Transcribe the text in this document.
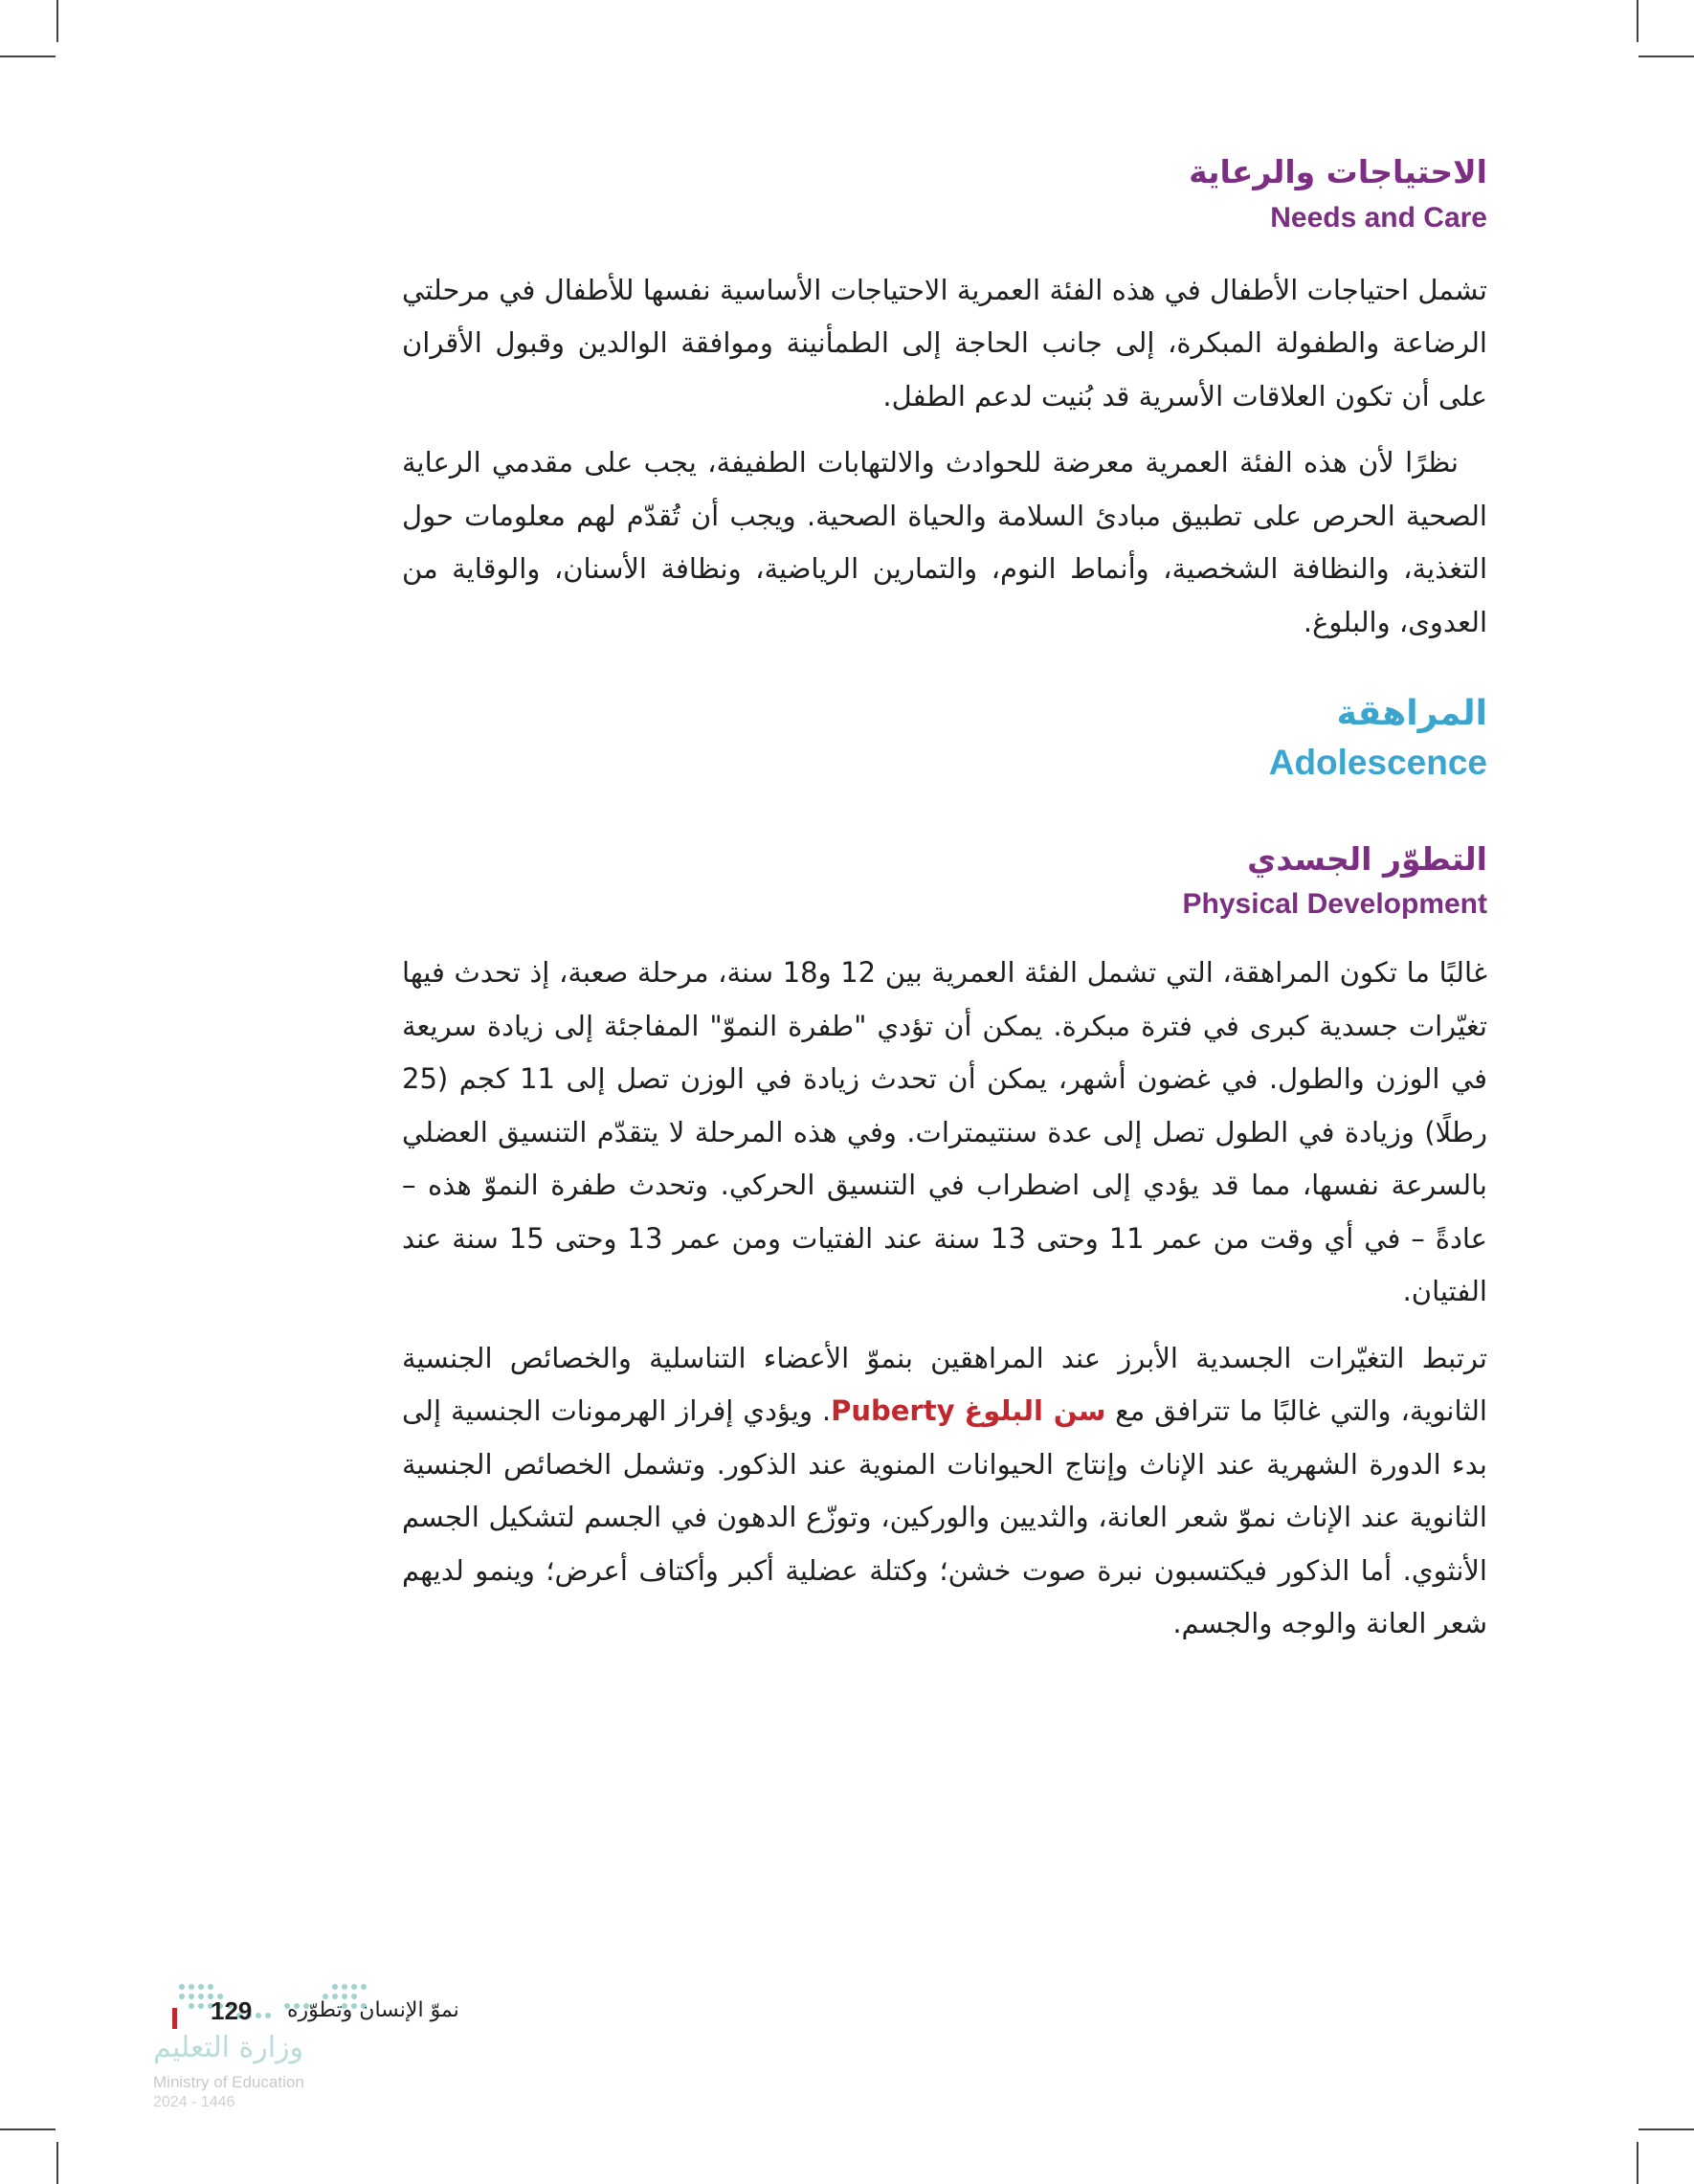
الاحتياجات والرعاية
Needs and Care

تشمل احتياجات الأطفال في هذه الفئة العمرية الاحتياجات الأساسية نفسها للأطفال في مرحلتي الرضاعة والطفولة المبكرة، إلى جانب الحاجة إلى الطمأنينة وموافقة الوالدين وقبول الأقران على أن تكون العلاقات الأسرية قد بُنيت لدعم الطفل.

نظرًا لأن هذه الفئة العمرية معرضة للحوادث والالتهابات الطفيفة، يجب على مقدمي الرعاية الصحية الحرص على تطبيق مبادئ السلامة والحياة الصحية. ويجب أن تُقدّم لهم معلومات حول التغذية، والنظافة الشخصية، وأنماط النوم، والتمارين الرياضية، ونظافة الأسنان، والوقاية من العدوى، والبلوغ.

المراهقة
Adolescence
التطوّر الجسدي
Physical Development

غالبًا ما تكون المراهقة، التي تشمل الفئة العمرية بين 12 و18 سنة، مرحلة صعبة، إذ تحدث فيها تغيّرات جسدية كبرى في فترة مبكرة. يمكن أن تؤدي "طفرة النموّ" المفاجئة إلى زيادة سريعة في الوزن والطول. في غضون أشهر، يمكن أن تحدث زيادة في الوزن تصل إلى 11 كجم (25 رطلًا) وزيادة في الطول تصل إلى عدة سنتيمترات. وفي هذه المرحلة لا يتقدّم التنسيق العضلي بالسرعة نفسها، مما قد يؤدي إلى اضطراب في التنسيق الحركي. وتحدث طفرة النموّ هذه – عادةً – في أي وقت من عمر 11 وحتى 13 سنة عند الفتيات ومن عمر 13 وحتى 15 سنة عند الفتيان.

ترتبط التغيّرات الجسدية الأبرز عند المراهقين بنموّ الأعضاء التناسلية والخصائص الجنسية الثانوية، والتي غالبًا ما تترافق مع سن البلوغ Puberty. ويؤدي إفراز الهرمونات الجنسية إلى بدء الدورة الشهرية عند الإناث وإنتاج الحيوانات المنوية عند الذكور. وتشمل الخصائص الجنسية الثانوية عند الإناث نموّ شعر العانة، والثديين والوركين، وتوزّع الدهون في الجسم لتشكيل الجسم الأنثوي. أما الذكور فيكتسبون نبرة صوت خشن؛ وكتلة عضلية أكبر وأكتاف أعرض؛ وينمو لديهم شعر العانة والوجه والجسم.

129 نموّ الإنسان وتطوّره
وزارة التعليم
Ministry of Education
2024 - 1446
